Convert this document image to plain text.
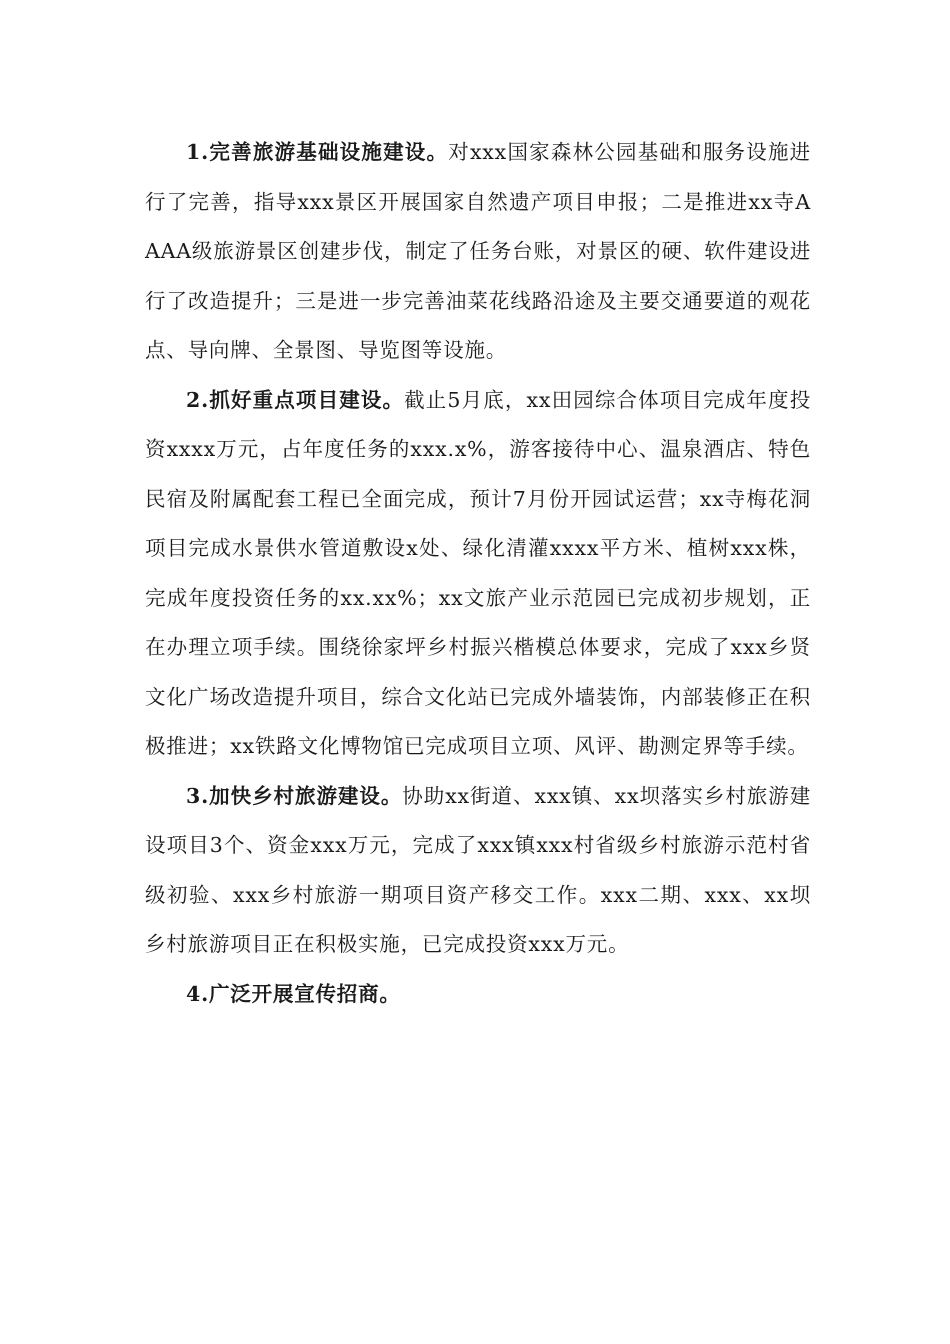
1.完善旅游基础设施建设。对xxx国家森林公园基础和服务设施进行了完善，指导xxx景区开展国家自然遗产项目申报；二是推进xx寺AAAA级旅游景区创建步伐，制定了任务台账，对景区的硬、软件建设进行了改造提升；三是进一步完善油菜花线路沿途及主要交通要道的观花点、导向牌、全景图、导览图等设施。

2.抓好重点项目建设。截止5月底，xx田园综合体项目完成年度投资xxxx万元，占年度任务的xxx.x%，游客接待中心、温泉酒店、特色民宿及附属配套工程已全面完成，预计7月份开园试运营；xx寺梅花洞项目完成水景供水管道敷设x处、绿化清灌xxxx平方米、植树xxx株，完成年度投资任务的xx.xx%；xx文旅产业示范园已完成初步规划，正在办理立项手续。围绕徐家坪乡村振兴楷模总体要求，完成了xxx乡贤文化广场改造提升项目，综合文化站已完成外墙装饰，内部装修正在积极推进；xx铁路文化博物馆已完成项目立项、风评、勘测定界等手续。

3.加快乡村旅游建设。协助xx街道、xxx镇、xx坝落实乡村旅游建设项目3个、资金xxx万元，完成了xxx镇xxx村省级乡村旅游示范村省级初验、xxx乡村旅游一期项目资产移交工作。xxx二期、xxx、xx坝乡村旅游项目正在积极实施，已完成投资xxx万元。

4.广泛开展宣传招商。
